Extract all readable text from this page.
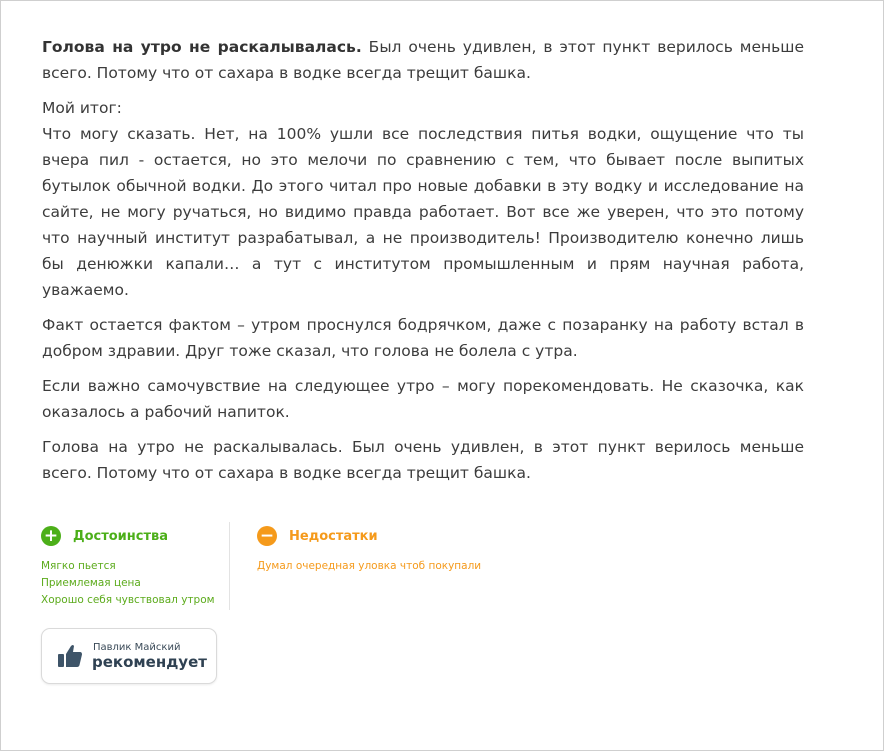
Голова на утро не раскалывалась. Был очень удивлен, в этот пункт верилось меньше всего. Потому что от сахара в водке всегда трещит башка.

Мой итог:

Что могу сказать. Нет, на 100% ушли все последствия питья водки, ощущение что ты вчера пил - остается, но это мелочи по сравнению с тем, что бывает после выпитых бутылок обычной водки. До этого читал про новые добавки в эту водку и исследование на сайте, не могу ручаться, но видимо правда работает. Вот все же уверен, что это потому что научный институт разрабатывал, а не производитель! Производителю конечно лишь бы денюжки капали… а тут с институтом промышленным и прям научная работа, уважаемо.

Факт остается фактом – утром проснулся бодрячком, даже с позаранку на работу встал в добром здравии. Друг тоже сказал, что голова не болела с утра.

Если важно самочувствие на следующее утро – могу порекомендовать. Не сказочка, как оказалось а рабочий напиток.

Голова на утро не раскалывалась. Был очень удивлен, в этот пункт верилось меньше всего. Потому что от сахара в водке всегда трещит башка.

+ Достоинства
Мягко пьется
Приемлемая цена
Хорошо себя чувствовал утром
− Недостатки
Думал очередная уловка чтоб покупали
Павлик Майский
рекомендует
